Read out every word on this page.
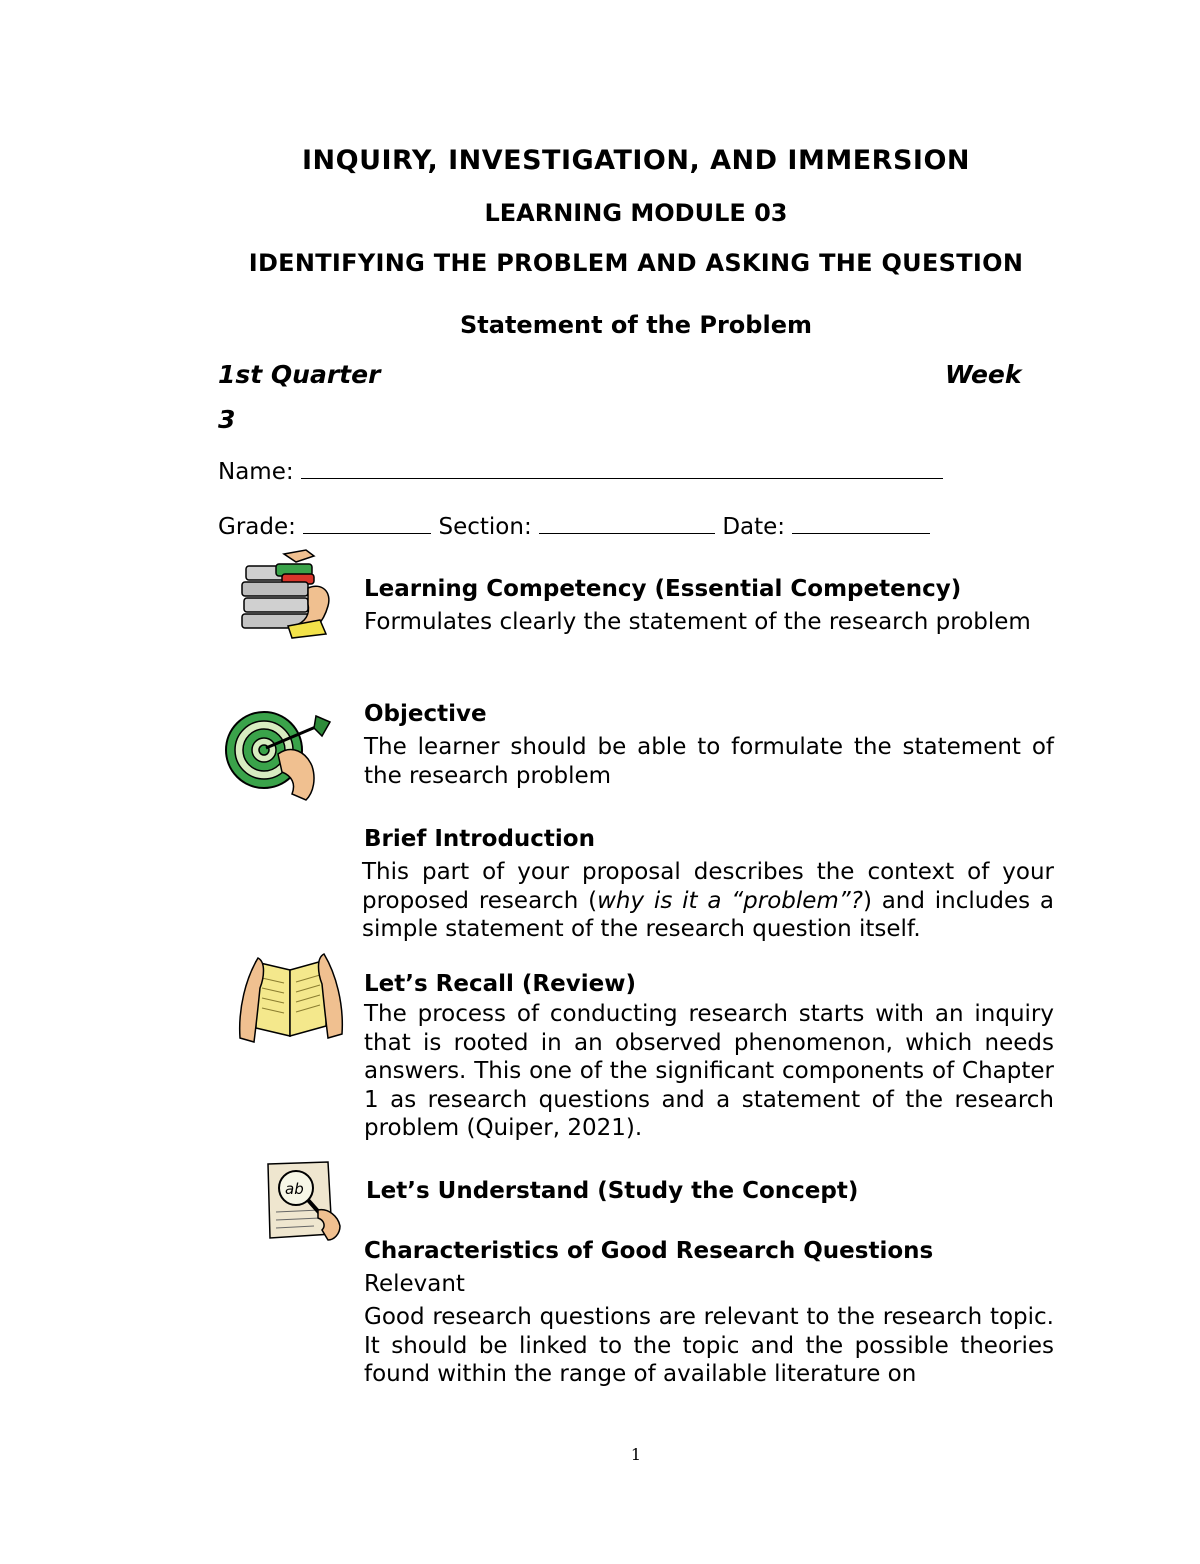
INQUIRY, INVESTIGATION, AND IMMERSION
LEARNING MODULE 03
IDENTIFYING THE PROBLEM AND ASKING THE QUESTION
Statement of the Problem
1st Quarter	Week
3
Name:
Grade:	Section:	Date:
ab
Learning Competency (Essential Competency)
Formulates clearly the statement of the research problem
Objective
The learner should be able to formulate the statement of the research problem
Brief Introduction
This part of your proposal describes the context of your proposed research (why is it a “problem”?) and includes a simple statement of the research question itself.
Let’s Recall (Review)
The process of conducting research starts with an inquiry that is rooted in an observed phenomenon, which needs answers. This one of the significant components of Chapter 1 as research questions and a statement of the research problem (Quiper, 2021).
Let’s Understand (Study the Concept)
Characteristics of Good Research Questions
Relevant
Good research questions are relevant to the research topic. It should be linked to the topic and the possible theories found within the range of available literature on
1
